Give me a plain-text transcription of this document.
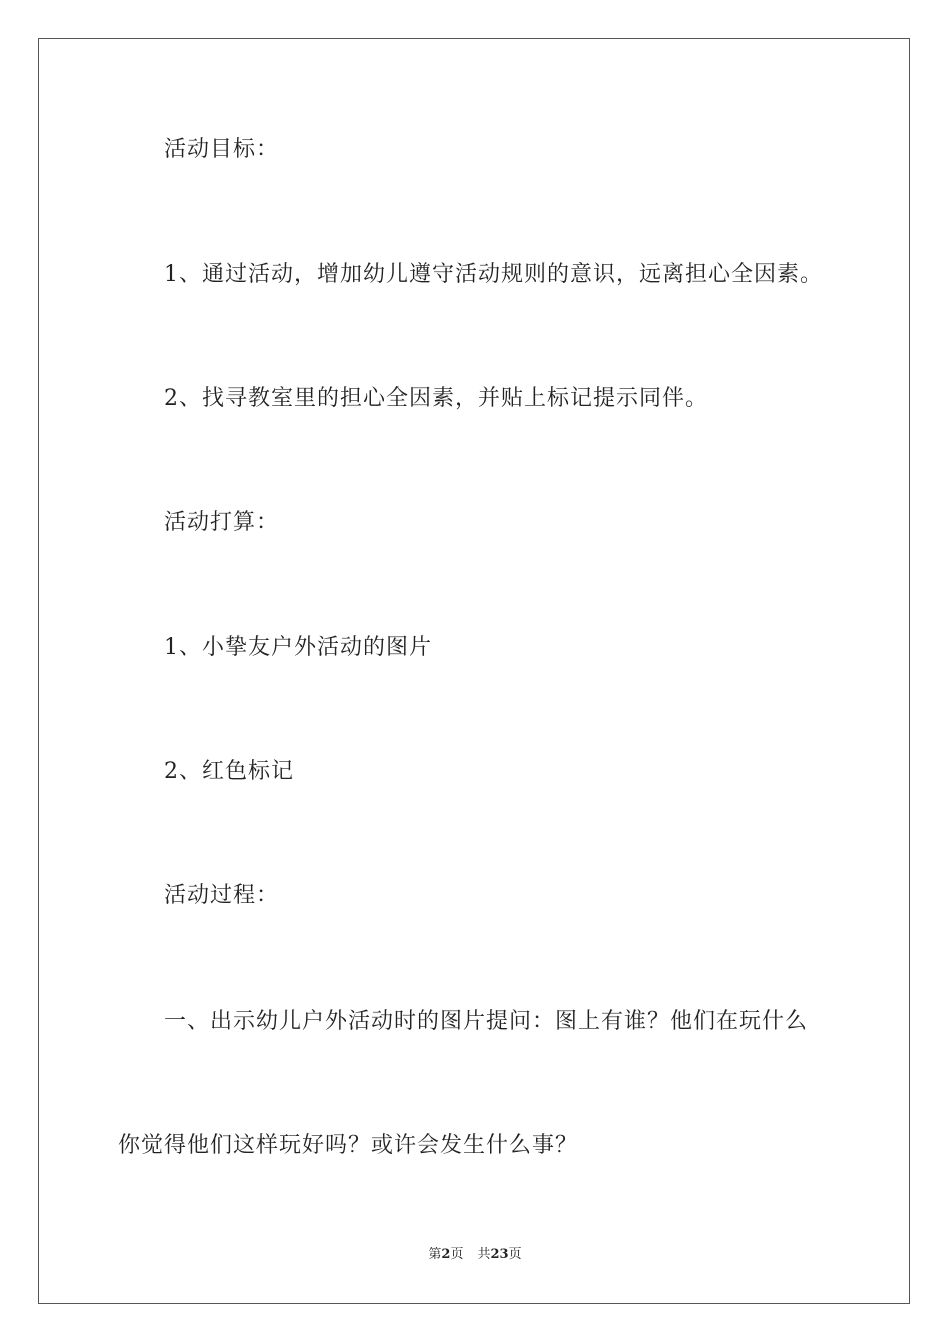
活动目标：
1、通过活动，增加幼儿遵守活动规则的意识，远离担心全因素。
2、找寻教室里的担心全因素，并贴上标记提示同伴。
活动打算：
1、小挚友户外活动的图片
2、红色标记
活动过程：
一、出示幼儿户外活动时的图片提问：图上有谁？他们在玩什么
你觉得他们这样玩好吗？或许会发生什么事？
第2页 共23页
